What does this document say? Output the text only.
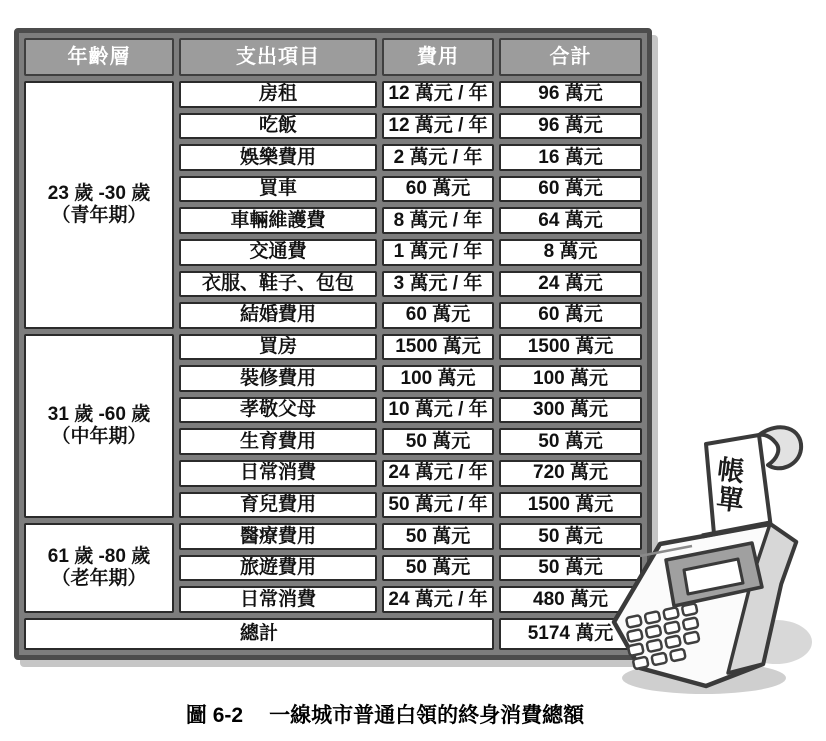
年齡層	支出項目	費用	合計
23 歲 -30 歲
（青年期）
房租	12 萬元 / 年	96 萬元
吃飯	12 萬元 / 年	96 萬元
娛樂費用	2 萬元 / 年	16 萬元
買車	60 萬元	60 萬元
車輛維護費	8 萬元 / 年	64 萬元
交通費	1 萬元 / 年	8 萬元
衣服、鞋子、包包	3 萬元 / 年	24 萬元
結婚費用	60 萬元	60 萬元
31 歲 -60 歲
（中年期）
買房	1500 萬元	1500 萬元
裝修費用	100 萬元	100 萬元
孝敬父母	10 萬元 / 年	300 萬元
生育費用	50 萬元	50 萬元
日常消費	24 萬元 / 年	720 萬元
育兒費用	50 萬元 / 年	1500 萬元
61 歲 -80 歲
（老年期）
醫療費用	50 萬元	50 萬元
旅遊費用	50 萬元	50 萬元
日常消費	24 萬元 / 年	480 萬元
總計	5174 萬元
帳
單
圖 6-2 一線城市普通白領的終身消費總額
